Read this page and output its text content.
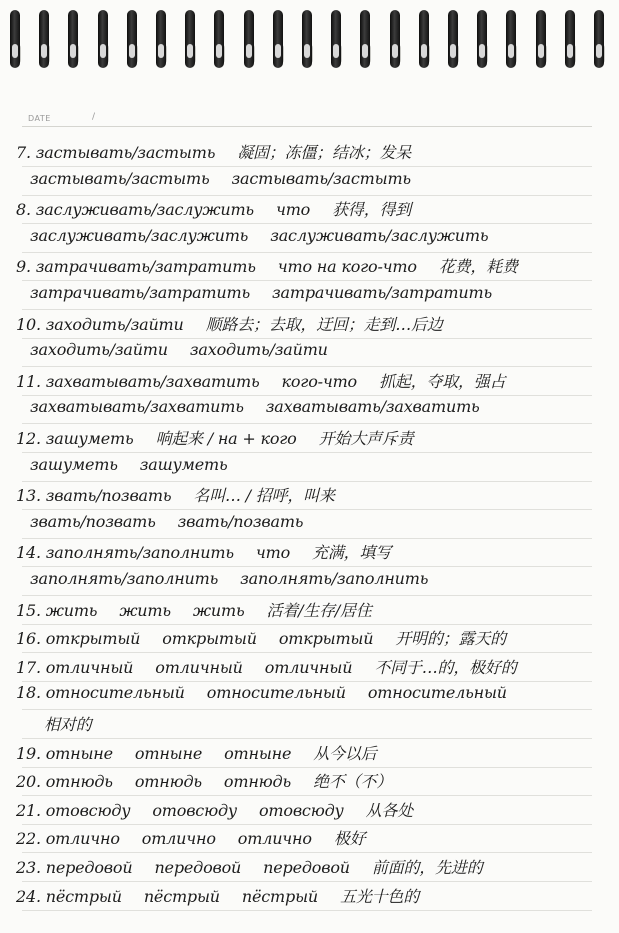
DATE	/
7. застывать/застыть 凝固；冻僵；结冰；发呆
застывать/застыть застывать/застыть
8. заслуживать/заслужить что 获得，得到
заслуживать/заслужить заслуживать/заслужить
9. затрачивать/затратить что на кого-что 花费，耗费
затрачивать/затратить затрачивать/затратить
10. заходить/зайти 顺路去；去取，迂回；走到…后边
заходить/зайти заходить/зайти
11. захватывать/захватить кого-что 抓起，夺取，强占
захватывать/захватить захватывать/захватить
12. зашуметь 响起来 / на + кого 开始大声斥责
зашуметь зашуметь
13. звать/позвать 名叫… / 招呼，叫来
звать/позвать звать/позвать
14. заполнять/заполнить что 充满，填写
заполнять/заполнить заполнять/заполнить
15. жить жить жить 活着/生存/居住
16. открытый открытый открытый 开明的；露天的
17. отличный отличный отличный 不同于…的，极好的
18. относительный относительный относительный
相对的
19. отныне отныне отныне 从今以后
20. отнюдь отнюдь отнюдь 绝不（不）
21. отовсюду отовсюду отовсюду 从各处
22. отлично отлично отлично 极好
23. передовой передовой передовой 前面的，先进的
24. пёстрый пёстрый пёстрый 五光十色的
